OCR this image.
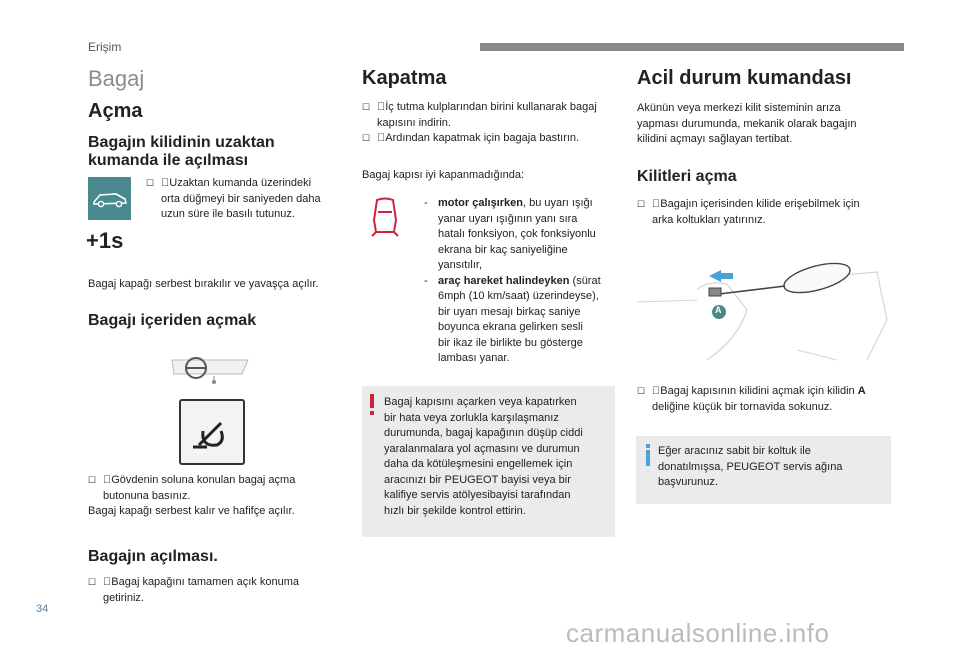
Erişim
Bagaj
Açma
Bagajın kilidinin uzaktan
kumanda ile açılması
+1s
☐ Uzaktan kumanda üzerindeki
orta düğmeyi bir saniyeden daha
uzun süre ile basılı tutunuz.
Bagaj kapağı serbest bırakılır ve yavaşça açılır.
Bagajı içeriden açmak
☐ Gövdenin soluna konulan bagaj açma
butonuna basınız.
Bagaj kapağı serbest kalır ve hafifçe açılır.
Bagajın açılması.
☐ Bagaj kapağını tamamen açık konuma
getiriniz.
Kapatma
☐ İç tutma kulplarından birini kullanarak bagaj
kapısını indirin.
☐ Ardından kapatmak için bagaja bastırın.
Bagaj kapısı iyi kapanmadığında:
- motor çalışırken, bu uyarı ışığı
yanar uyarı ışığının yanı sıra
hatalı fonksiyon, çok fonksiyonlu
ekrana bir kaç saniyeliğine
yansıtılır,
- araç hareket halindeyken (sürat
6mph (10 km/saat) üzerindeyse),
bir uyarı mesajı birkaç saniye
boyunca ekrana gelirken sesli
bir ikaz ile birlikte bu gösterge
lambası yanar.
Bagaj kapısını açarken veya kapatırken
bir hata veya zorlukla karşılaşmanız
durumunda, bagaj kapağının düşüp ciddi
yaralanmalara yol açmasını ve durumun
daha da kötüleşmesini engellemek için
aracınızı bir PEUGEOT bayisi veya bir
kalifiye servis atölyesibayisi tarafından
hızlı bir şekilde kontrol ettirin.
Acil durum kumandası
Akünün veya merkezi kilit sisteminin arıza
yapması durumunda, mekanik olarak bagajın
kilidini açmayı sağlayan tertibat.
Kilitleri açma
☐ Bagajın içerisinden kilide erişebilmek için
arka koltukları yatırınız.
A
☐ Bagaj kapısının kilidini açmak için kilidin A
deliğine küçük bir tornavida sokunuz.
Eğer aracınız sabit bir koltuk ile
donatılmışsa, PEUGEOT servis ağına
başvurunuz.
34
carmanualsonline.info
